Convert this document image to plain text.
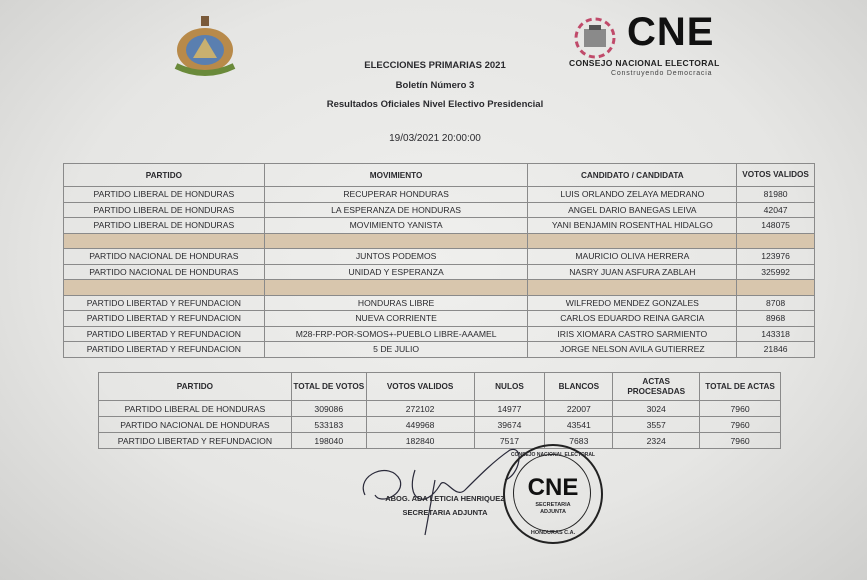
ELECCIONES PRIMARIAS 2021
Boletín Número 3
Resultados Oficiales Nivel Electivo Presidencial
19/03/2021 20:00:00
CNE
CONSEJO NACIONAL ELECTORAL
Construyendo Democracia
PARTIDO	MOVIMIENTO	CANDIDATO / CANDIDATA	VOTOS VALIDOS
PARTIDO LIBERAL DE HONDURAS	RECUPERAR HONDURAS	LUIS ORLANDO ZELAYA MEDRANO	81980
PARTIDO LIBERAL DE HONDURAS	LA ESPERANZA DE HONDURAS	ANGEL DARIO BANEGAS LEIVA	42047
PARTIDO LIBERAL DE HONDURAS	MOVIMIENTO YANISTA	YANI BENJAMIN ROSENTHAL HIDALGO	148075

PARTIDO NACIONAL DE HONDURAS	JUNTOS PODEMOS	MAURICIO OLIVA HERRERA	123976
PARTIDO NACIONAL DE HONDURAS	UNIDAD Y ESPERANZA	NASRY JUAN ASFURA ZABLAH	325992

PARTIDO LIBERTAD Y REFUNDACION	HONDURAS LIBRE	WILFREDO MENDEZ GONZALES	8708
PARTIDO LIBERTAD Y REFUNDACION	NUEVA CORRIENTE	CARLOS EDUARDO REINA GARCIA	8968
PARTIDO LIBERTAD Y REFUNDACION	M28-FRP-POR-SOMOS+-PUEBLO LIBRE-AAAMEL	IRIS XIOMARA CASTRO SARMIENTO	143318
PARTIDO LIBERTAD Y REFUNDACION	5 DE JULIO	JORGE NELSON AVILA GUTIERREZ	21846
PARTIDO	TOTAL DE VOTOS	VOTOS VALIDOS	NULOS	BLANCOS	ACTAS PROCESADAS	TOTAL DE ACTAS
PARTIDO LIBERAL DE HONDURAS	309086	272102	14977	22007	3024	7960
PARTIDO NACIONAL DE HONDURAS	533183	449968	39674	43541	3557	7960
PARTIDO LIBERTAD Y REFUNDACION	198040	182840	7517	7683	2324	7960
ABOG. ADA LETICIA HENRIQUEZ
SECRETARIA ADJUNTA
CONSEJO NACIONAL ELECTORAL
CNE
SECRETARIA ADJUNTA
HONDURAS C.A.
